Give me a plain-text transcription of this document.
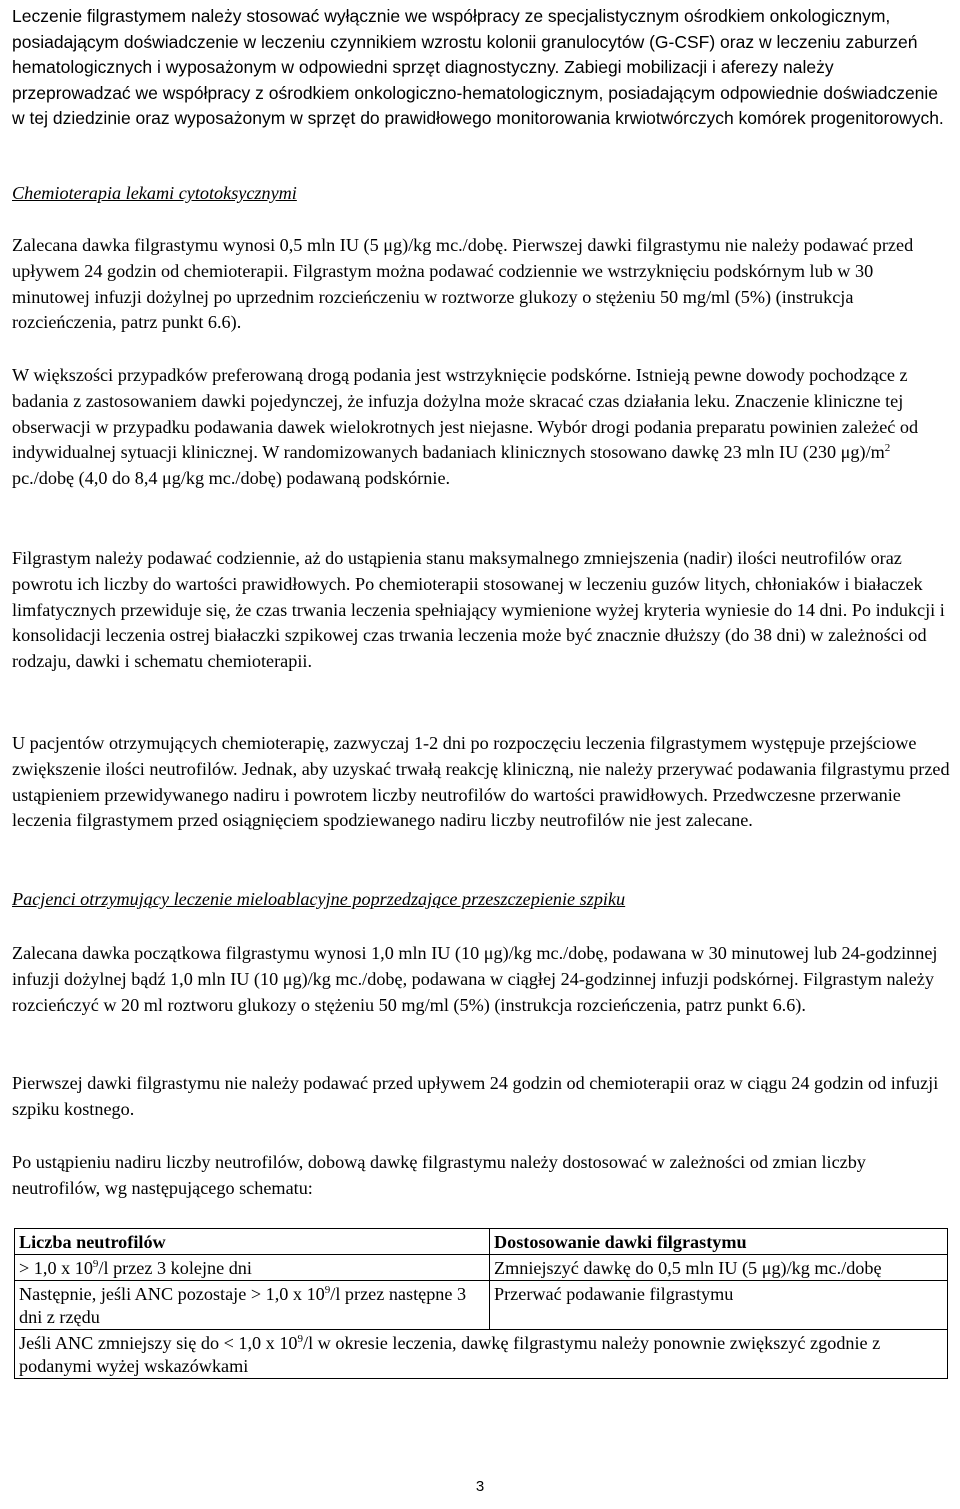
Leczenie filgrastymem należy stosować wyłącznie we współpracy ze specjalistycznym ośrodkiem onkologicznym, posiadającym doświadczenie w leczeniu czynnikiem wzrostu kolonii granulocytów (G-CSF) oraz w leczeniu zaburzeń hematologicznych i wyposażonym w odpowiedni sprzęt diagnostyczny. Zabiegi mobilizacji i aferezy należy przeprowadzać we współpracy z ośrodkiem onkologiczno-hematologicznym, posiadającym odpowiednie doświadczenie w tej dziedzinie oraz wyposażonym w sprzęt do prawidłowego monitorowania krwiotwórczych komórek progenitorowych.

Chemioterapia lekami cytotoksycznymi

Zalecana dawka filgrastymu wynosi 0,5 mln IU (5 μg)/kg mc./dobę. Pierwszej dawki filgrastymu nie należy podawać przed upływem 24 godzin od chemioterapii. Filgrastym można podawać codziennie we wstrzyknięciu podskórnym lub w 30 minutowej infuzji dożylnej po uprzednim rozcieńczeniu w roztworze glukozy o stężeniu 50 mg/ml (5%) (instrukcja rozcieńczenia, patrz punkt 6.6).

W większości przypadków preferowaną drogą podania jest wstrzyknięcie podskórne. Istnieją pewne dowody pochodzące z badania z zastosowaniem dawki pojedynczej, że infuzja dożylna może skracać czas działania leku. Znaczenie kliniczne tej obserwacji w przypadku podawania dawek wielokrotnych jest niejasne. Wybór drogi podania preparatu powinien zależeć od indywidualnej sytuacji klinicznej. W randomizowanych badaniach klinicznych stosowano dawkę 23 mln IU (230 $\mu g)/m^2$ pc./dobę (4,0 do 8,4 μg/kg mc./dobę) podawaną podskórnie.

Filgrastym należy podawać codziennie, aż do ustąpienia stanu maksymalnego zmniejszenia (nadir) ilości neutrofilów oraz powrotu ich liczby do wartości prawidłowych. Po chemioterapii stosowanej w leczeniu guzów litych, chłoniaków i białaczek limfatycznych przewiduje się, że czas trwania leczenia spełniający wymienione wyżej kryteria wyniesie do 14 dni. Po indukcji i konsolidacji leczenia ostrej białaczki szpikowej czas trwania leczenia może być znacznie dłuższy (do 38 dni) w zależności od rodzaju, dawki i schematu chemioterapii.

U pacjentów otrzymujących chemioterapię, zazwyczaj 1-2 dni po rozpoczęciu leczenia filgrastymem występuje przejściowe zwiększenie ilości neutrofilów. Jednak, aby uzyskać trwałą reakcję kliniczną, nie należy przerywać podawania filgrastymu przed ustąpieniem przewidywanego nadiru i powrotem liczby neutrofilów do wartości prawidłowych. Przedwczesne przerwanie leczenia filgrastymem przed osiągnięciem spodziewanego nadiru liczby neutrofilów nie jest zalecane.

Pacjenci otrzymujący leczenie mieloablacyjne poprzedzające przeszczepienie szpiku

Zalecana dawka początkowa filgrastymu wynosi 1,0 mln IU (10 μg)/kg mc./dobę, podawana w 30 minutowej lub 24-godzinnej infuzji dożylnej bądź 1,0 mln IU (10 μg)/kg mc./dobę, podawana w ciągłej 24-godzinnej infuzji podskórnej. Filgrastym należy rozcieńczyć w 20 ml roztworu glukozy o stężeniu 50 mg/ml (5%) (instrukcja rozcieńczenia, patrz punkt 6.6).

Pierwszej dawki filgrastymu nie należy podawać przed upływem 24 godzin od chemioterapii oraz w ciągu 24 godzin od infuzji szpiku kostnego.

Po ustąpieniu nadiru liczby neutrofilów, dobową dawkę filgrastymu należy dostosować w zależności od zmian liczby neutrofilów, wg następującego schematu:

Liczba neutrofilów	Dostosowanie dawki filgrastymu
> 1,0 x $10^9/l$ przez 3 kolejne dni	Zmniejszyć dawkę do 0,5 mln IU (5 μg)/kg mc./dobę
Następnie, jeśli ANC pozostaje > 1,0 x $10^9/l$ przez następne 3 dni z rzędu	Przerwać podawanie filgrastymu
Jeśli ANC zmniejszy się do < 1,0 x $10^9/l$ w okresie leczenia, dawkę filgrastymu należy ponownie zwiększyć zgodnie z podanymi wyżej wskazówkami	
3
